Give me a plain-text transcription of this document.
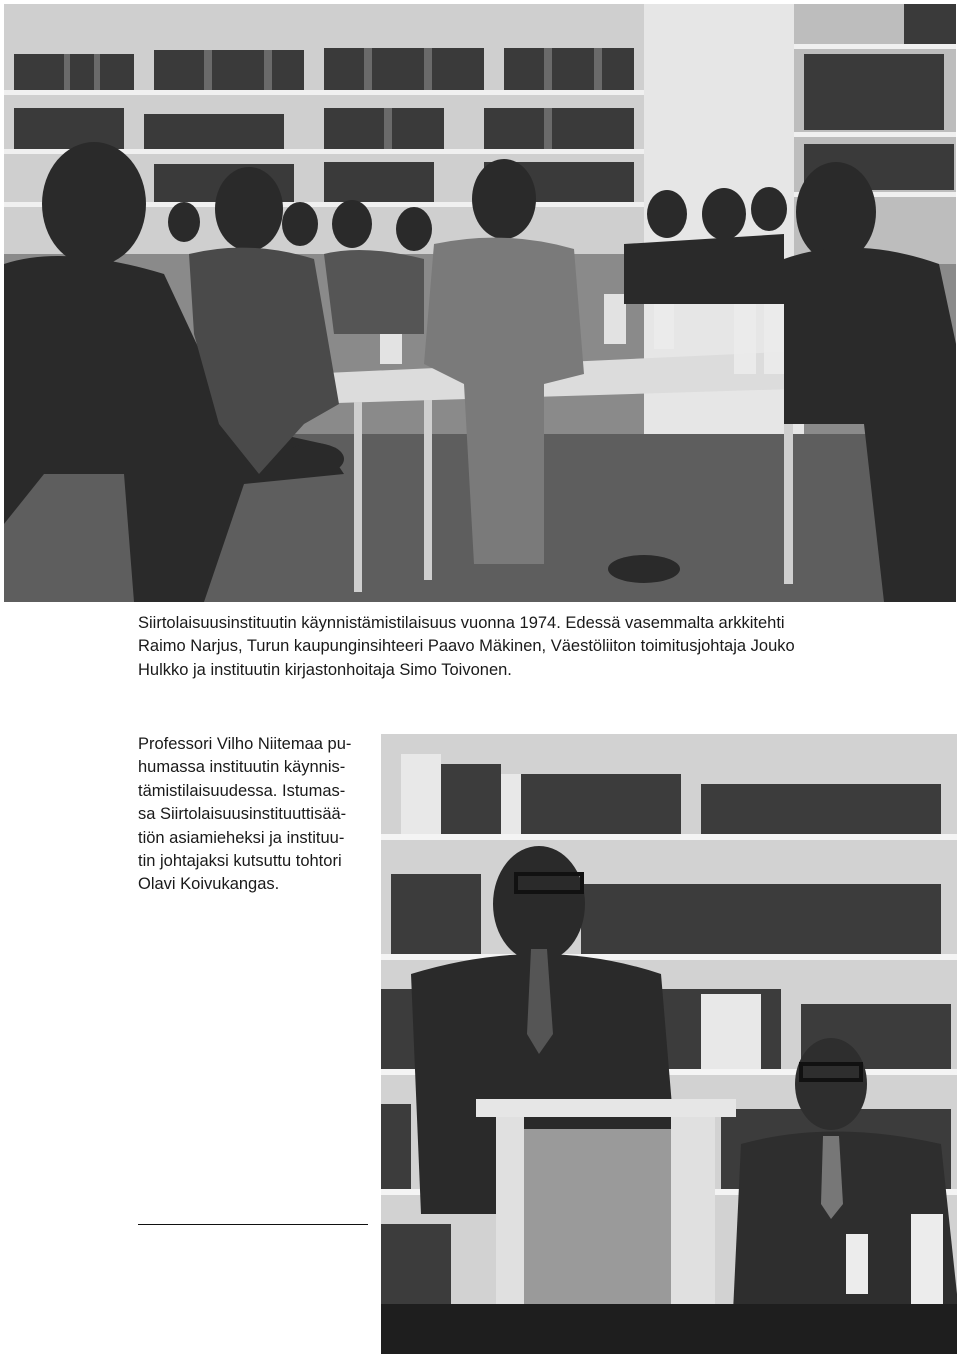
Siirtolaisuusinstituutin käynnistämistilaisuus vuonna 1974. Edessä vasemmalta arkkitehti
Raimo Narjus, Turun kaupunginsihteeri Paavo Mäkinen, Väestöliiton toimitusjohtaja Jouko
Hulkko ja instituutin kirjastonhoitaja Simo Toivonen.
Professori Vilho Niitemaa pu-
humassa instituutin käynnis-
tämistilaisuudessa. Istumas-
sa Siirtolaisuusinstituuttisää-
tiön asiamieheksi ja instituu-
tin johtajaksi kutsuttu tohtori
Olavi Koivukangas.
